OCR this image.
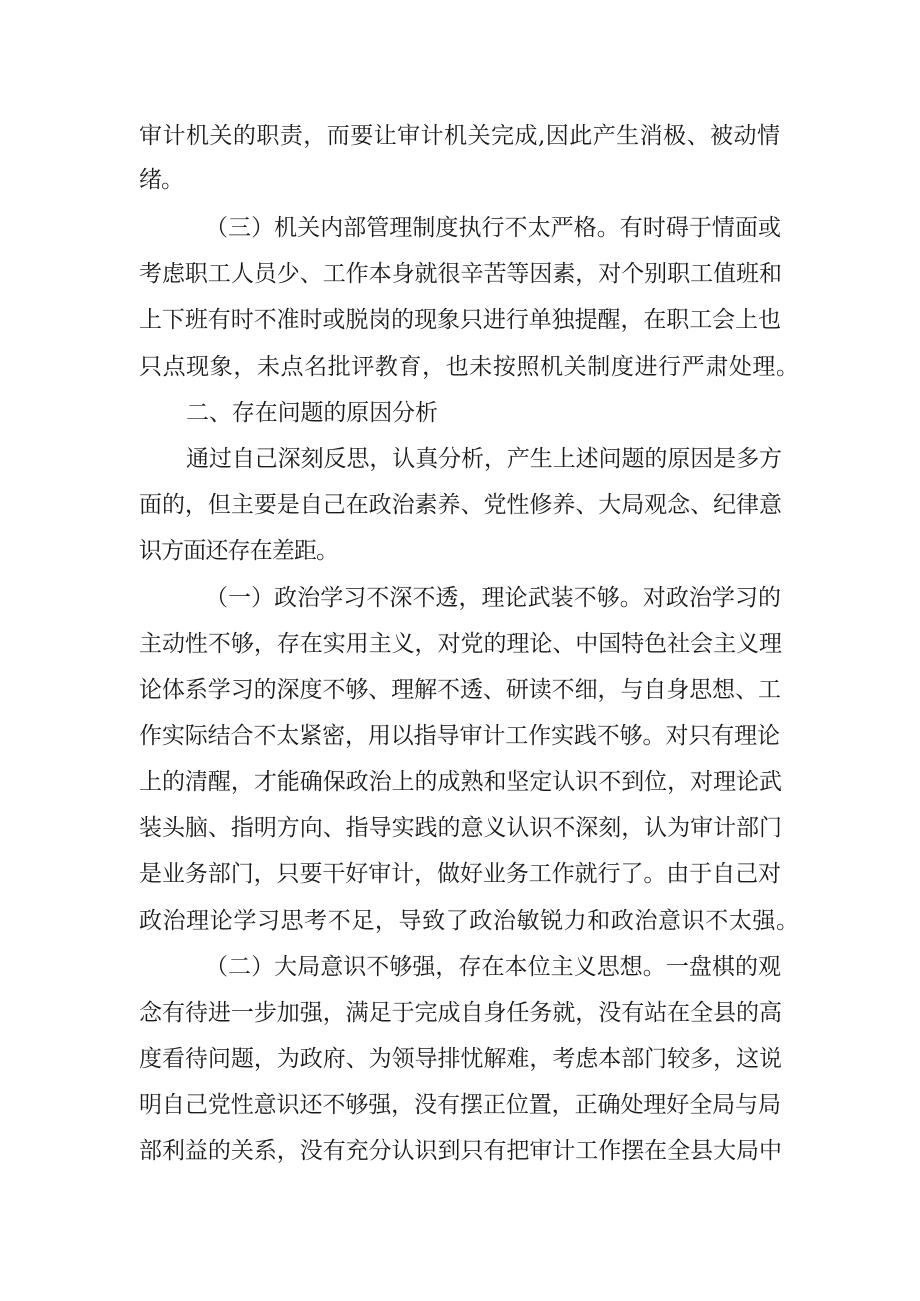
审计机关的职责，而要让审计机关完成,因此产生消极、被动情
绪。
（三）机关内部管理制度执行不太严格。有时碍于情面或
考虑职工人员少、工作本身就很辛苦等因素，对个别职工值班和
上下班有时不准时或脱岗的现象只进行单独提醒，在职工会上也
只点现象，未点名批评教育，也未按照机关制度进行严肃处理。
二、存在问题的原因分析
通过自己深刻反思，认真分析，产生上述问题的原因是多方
面的，但主要是自己在政治素养、党性修养、大局观念、纪律意
识方面还存在差距。
（一）政治学习不深不透，理论武装不够。对政治学习的
主动性不够，存在实用主义，对党的理论、中国特色社会主义理
论体系学习的深度不够、理解不透、研读不细，与自身思想、工
作实际结合不太紧密，用以指导审计工作实践不够。对只有理论
上的清醒，才能确保政治上的成熟和坚定认识不到位，对理论武
装头脑、指明方向、指导实践的意义认识不深刻，认为审计部门
是业务部门，只要干好审计，做好业务工作就行了。由于自己对
政治理论学习思考不足，导致了政治敏锐力和政治意识不太强。
（二）大局意识不够强，存在本位主义思想。一盘棋的观
念有待进一步加强，满足于完成自身任务就，没有站在全县的高
度看待问题，为政府、为领导排忧解难，考虑本部门较多，这说
明自己党性意识还不够强，没有摆正位置，正确处理好全局与局
部利益的关系，没有充分认识到只有把审计工作摆在全县大局中
